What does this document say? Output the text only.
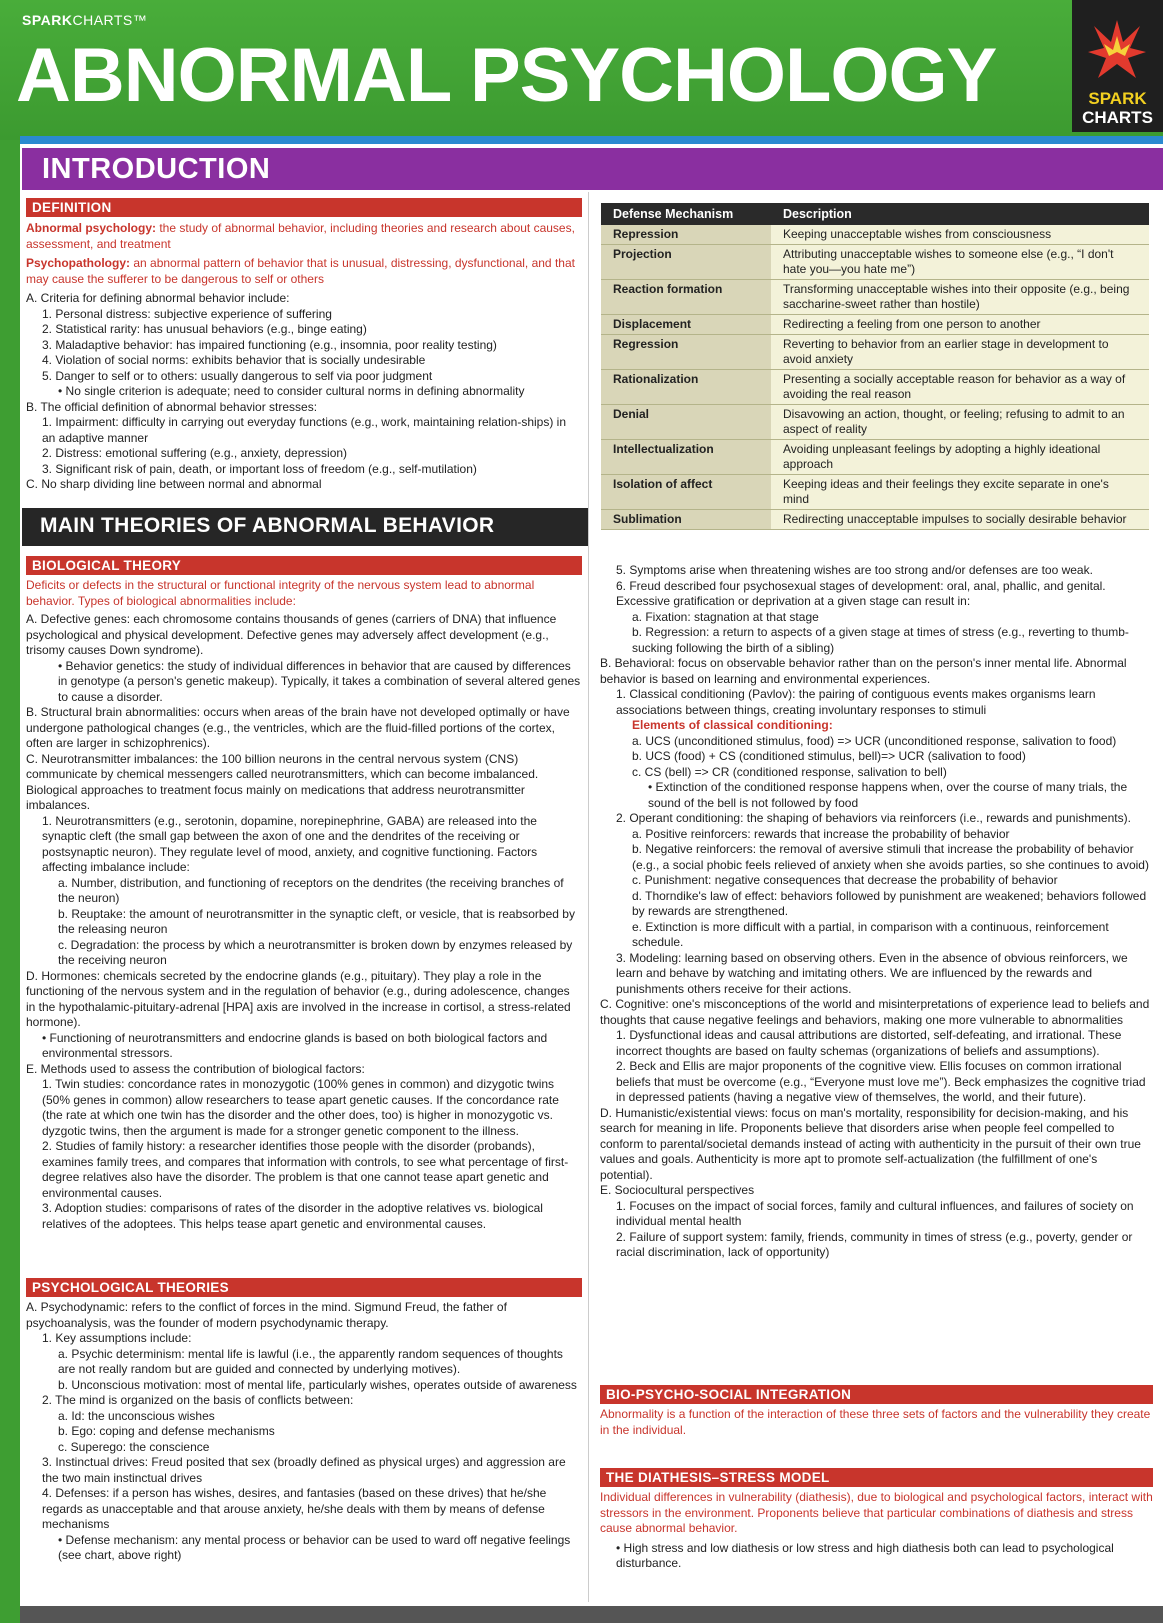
SPARKCHARTS™
ABNORMAL PSYCHOLOGY	SPARK
CHARTS
INTRODUCTION
DEFINITION
Abnormal psychology: the study of abnormal behavior, including theories and research about causes, assessment, and treatment
Psychopathology: an abnormal pattern of behavior that is unusual, distressing, dysfunctional, and that may cause the sufferer to be dangerous to self or others
A. Criteria for defining abnormal behavior include:
1. Personal distress: subjective experience of suffering
2. Statistical rarity: has unusual behaviors (e.g., binge eating)
3. Maladaptive behavior: has impaired functioning (e.g., insomnia, poor reality testing)
4. Violation of social norms: exhibits behavior that is socially undesirable
5. Danger to self or to others: usually dangerous to self via poor judgment
• No single criterion is adequate; need to consider cultural norms in defining abnormality
B. The official definition of abnormal behavior stresses:
1. Impairment: difficulty in carrying out everyday functions (e.g., work, maintaining relation-ships) in an adaptive manner
2. Distress: emotional suffering (e.g., anxiety, depression)
3. Significant risk of pain, death, or important loss of freedom (e.g., self-mutilation)
C. No sharp dividing line between normal and abnormal
MAIN THEORIES OF ABNORMAL BEHAVIOR
BIOLOGICAL THEORY
Deficits or defects in the structural or functional integrity of the nervous system lead to abnormal behavior. Types of biological abnormalities include:
A. Defective genes: each chromosome contains thousands of genes (carriers of DNA) that influence psychological and physical development. Defective genes may adversely affect development (e.g., trisomy causes Down syndrome).
• Behavior genetics: the study of individual differences in behavior that are caused by differences in genotype (a person's genetic makeup). Typically, it takes a combination of several altered genes to cause a disorder.
B. Structural brain abnormalities: occurs when areas of the brain have not developed optimally or have undergone pathological changes (e.g., the ventricles, which are the fluid-filled portions of the cortex, often are larger in schizophrenics).
C. Neurotransmitter imbalances: the 100 billion neurons in the central nervous system (CNS) communicate by chemical messengers called neurotransmitters, which can become imbalanced. Biological approaches to treatment focus mainly on medications that address neurotransmitter imbalances.
1. Neurotransmitters (e.g., serotonin, dopamine, norepinephrine, GABA) are released into the synaptic cleft (the small gap between the axon of one and the dendrites of the receiving or postsynaptic neuron). They regulate level of mood, anxiety, and cognitive functioning. Factors affecting imbalance include:
a. Number, distribution, and functioning of receptors on the dendrites (the receiving branches of the neuron)
b. Reuptake: the amount of neurotransmitter in the synaptic cleft, or vesicle, that is reabsorbed by the releasing neuron
c. Degradation: the process by which a neurotransmitter is broken down by enzymes released by the receiving neuron
D. Hormones: chemicals secreted by the endocrine glands (e.g., pituitary). They play a role in the functioning of the nervous system and in the regulation of behavior (e.g., during adolescence, changes in the hypothalamic-pituitary-adrenal [HPA] axis are involved in the increase in cortisol, a stress-related hormone).
• Functioning of neurotransmitters and endocrine glands is based on both biological factors and environmental stressors.
E. Methods used to assess the contribution of biological factors:
1. Twin studies: concordance rates in monozygotic (100% genes in common) and dizygotic twins (50% genes in common) allow researchers to tease apart genetic causes. If the concordance rate (the rate at which one twin has the disorder and the other does, too) is higher in monozygotic vs. dyzgotic twins, then the argument is made for a stronger genetic component to the illness.
2. Studies of family history: a researcher identifies those people with the disorder (probands), examines family trees, and compares that information with controls, to see what percentage of first-degree relatives also have the disorder. The problem is that one cannot tease apart genetic and environmental causes.
3. Adoption studies: comparisons of rates of the disorder in the adoptive relatives vs. biological relatives of the adoptees. This helps tease apart genetic and environmental causes.
PSYCHOLOGICAL THEORIES
A. Psychodynamic: refers to the conflict of forces in the mind. Sigmund Freud, the father of psychoanalysis, was the founder of modern psychodynamic therapy.
1. Key assumptions include:
a. Psychic determinism: mental life is lawful (i.e., the apparently random sequences of thoughts are not really random but are guided and connected by underlying motives).
b. Unconscious motivation: most of mental life, particularly wishes, operates outside of awareness
2. The mind is organized on the basis of conflicts between:
a. Id: the unconscious wishes
b. Ego: coping and defense mechanisms
c. Superego: the conscience
3. Instinctual drives: Freud posited that sex (broadly defined as physical urges) and aggression are the two main instinctual drives
4. Defenses: if a person has wishes, desires, and fantasies (based on these drives) that he/she regards as unacceptable and that arouse anxiety, he/she deals with them by means of defense mechanisms
• Defense mechanism: any mental process or behavior can be used to ward off negative feelings (see chart, above right)
Defense Mechanism	Description
Repression	Keeping unacceptable wishes from consciousness
Projection	Attributing unacceptable wishes to someone else (e.g., “I don't hate you—you hate me”)
Reaction formation	Transforming unacceptable wishes into their opposite (e.g., being saccharine-sweet rather than hostile)
Displacement	Redirecting a feeling from one person to another
Regression	Reverting to behavior from an earlier stage in development to avoid anxiety
Rationalization	Presenting a socially acceptable reason for behavior as a way of avoiding the real reason
Denial	Disavowing an action, thought, or feeling; refusing to admit to an aspect of reality
Intellectualization	Avoiding unpleasant feelings by adopting a highly ideational approach
Isolation of affect	Keeping ideas and their feelings they excite separate in one's mind
Sublimation	Redirecting unacceptable impulses to socially desirable behavior
5. Symptoms arise when threatening wishes are too strong and/or defenses are too weak.
6. Freud described four psychosexual stages of development: oral, anal, phallic, and genital. Excessive gratification or deprivation at a given stage can result in:
a. Fixation: stagnation at that stage
b. Regression: a return to aspects of a given stage at times of stress (e.g., reverting to thumb-sucking following the birth of a sibling)
B. Behavioral: focus on observable behavior rather than on the person's inner mental life. Abnormal behavior is based on learning and environmental experiences.
1. Classical conditioning (Pavlov): the pairing of contiguous events makes organisms learn associations between things, creating involuntary responses to stimuli
Elements of classical conditioning:
a. UCS (unconditioned stimulus, food) => UCR (unconditioned response, salivation to food)
b. UCS (food) + CS (conditioned stimulus, bell)=> UCR (salivation to food)
c. CS (bell) => CR (conditioned response, salivation to bell)
• Extinction of the conditioned response happens when, over the course of many trials, the sound of the bell is not followed by food
2. Operant conditioning: the shaping of behaviors via reinforcers (i.e., rewards and punishments).
a. Positive reinforcers: rewards that increase the probability of behavior
b. Negative reinforcers: the removal of aversive stimuli that increase the probability of behavior (e.g., a social phobic feels relieved of anxiety when she avoids parties, so she continues to avoid)
c. Punishment: negative consequences that decrease the probability of behavior
d. Thorndike's law of effect: behaviors followed by punishment are weakened; behaviors followed by rewards are strengthened.
e. Extinction is more difficult with a partial, in comparison with a continuous, reinforcement schedule.
3. Modeling: learning based on observing others. Even in the absence of obvious reinforcers, we learn and behave by watching and imitating others. We are influenced by the rewards and punishments others receive for their actions.
C. Cognitive: one's misconceptions of the world and misinterpretations of experience lead to beliefs and thoughts that cause negative feelings and behaviors, making one more vulnerable to abnormalities
1. Dysfunctional ideas and causal attributions are distorted, self-defeating, and irrational. These incorrect thoughts are based on faulty schemas (organizations of beliefs and assumptions).
2. Beck and Ellis are major proponents of the cognitive view. Ellis focuses on common irrational beliefs that must be overcome (e.g., “Everyone must love me”). Beck emphasizes the cognitive triad in depressed patients (having a negative view of themselves, the world, and their future).
D. Humanistic/existential views: focus on man's mortality, responsibility for decision-making, and his search for meaning in life. Proponents believe that disorders arise when people feel compelled to conform to parental/societal demands instead of acting with authenticity in the pursuit of their own true values and goals. Authenticity is more apt to promote self-actualization (the fulfillment of one's potential).
E. Sociocultural perspectives
1. Focuses on the impact of social forces, family and cultural influences, and failures of society on individual mental health
2. Failure of support system: family, friends, community in times of stress (e.g., poverty, gender or racial discrimination, lack of opportunity)
BIO-PSYCHO-SOCIAL INTEGRATION
Abnormality is a function of the interaction of these three sets of factors and the vulnerability they create in the individual.
THE DIATHESIS–STRESS MODEL
Individual differences in vulnerability (diathesis), due to biological and psychological factors, interact with stressors in the environment. Proponents believe that particular combinations of diathesis and stress cause abnormal behavior.
• High stress and low diathesis or low stress and high diathesis both can lead to psychological disturbance.
